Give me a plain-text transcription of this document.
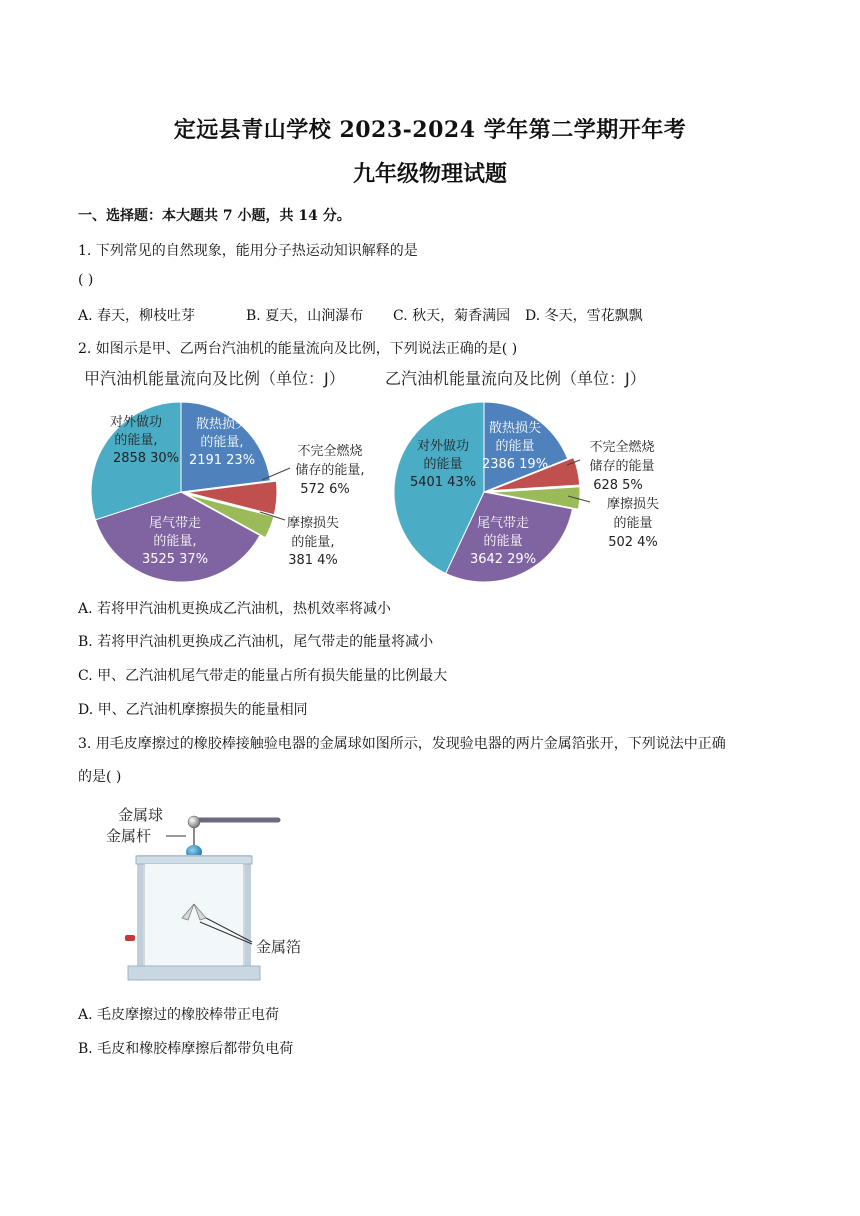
定远县青山学校 2023-2024 学年第二学期开年考
九年级物理试题
一、选择题：本大题共 7 小题，共 14 分。
1. 下列常见的自然现象，能用分子热运动知识解释的是
( )
A. 春天，柳枝吐芽	B. 夏天，山涧瀑布 C. 秋天，菊香满园 D. 冬天，雪花飘飘
2. 如图示是甲、乙两台汽油机的能量流向及比例，下列说法正确的是( )
甲汽油机能量流向及比例（单位：J）	乙汽油机能量流向及比例（单位：J）
对外做功
的能量,
2858 30%
散热损失
的能量,
2191 23%
不完全燃烧
储存的能量,
572 6%
摩擦损失
的能量,
381 4%
尾气带走
的能量,
3525 37%
对外做功
的能量
5401 43%
散热损失
的能量
2386 19%
不完全燃烧
储存的能量
628 5%
摩擦损失
的能量
502 4%
尾气带走
的能量
3642 29%
A. 若将甲汽油机更换成乙汽油机，热机效率将减小
B. 若将甲汽油机更换成乙汽油机，尾气带走的能量将减小
C. 甲、乙汽油机尾气带走的能量占所有损失能量的比例最大
D. 甲、乙汽油机摩擦损失的能量相同
3. 用毛皮摩擦过的橡胶棒接触验电器的金属球如图所示，发现验电器的两片金属箔张开，下列说法中正确
的是( )
金属球
金属杆
金属箔
A. 毛皮摩擦过的橡胶棒带正电荷
B. 毛皮和橡胶棒摩擦后都带负电荷
